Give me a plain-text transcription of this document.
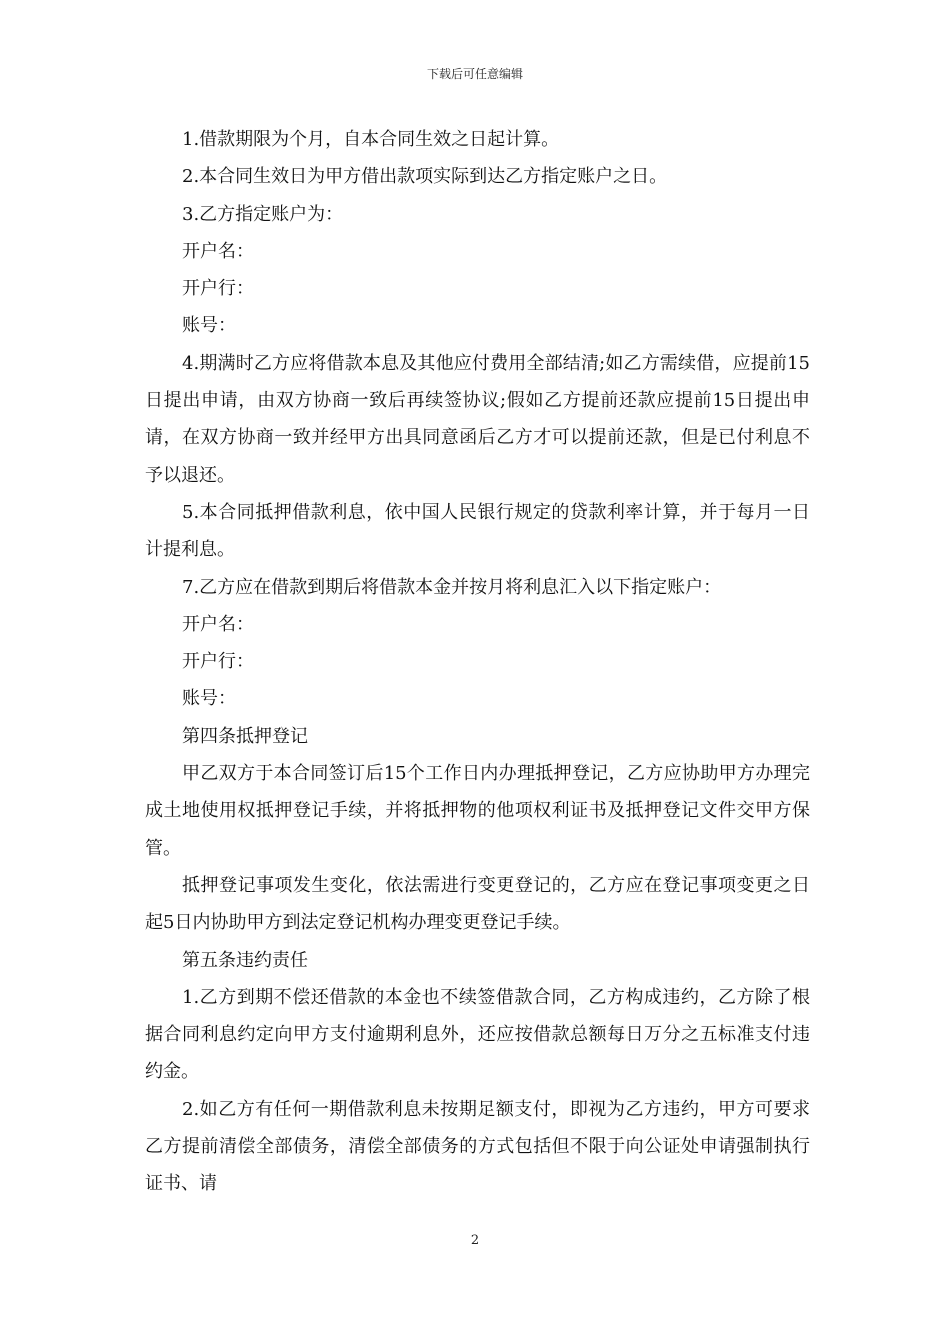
下载后可任意编辑

1.借款期限为个月，自本合同生效之日起计算。

2.本合同生效日为甲方借出款项实际到达乙方指定账户之日。

3.乙方指定账户为：

开户名：

开户行：

账号：

4.期满时乙方应将借款本息及其他应付费用全部结清;如乙方需续借，应提前15日提出申请，由双方协商一致后再续签协议;假如乙方提前还款应提前15日提出申请，在双方协商一致并经甲方出具同意函后乙方才可以提前还款，但是已付利息不予以退还。

5.本合同抵押借款利息，依中国人民银行规定的贷款利率计算，并于每月一日计提利息。

7.乙方应在借款到期后将借款本金并按月将利息汇入以下指定账户：

开户名：

开户行：

账号：

第四条抵押登记

甲乙双方于本合同签订后15个工作日内办理抵押登记，乙方应协助甲方办理完成土地使用权抵押登记手续，并将抵押物的他项权利证书及抵押登记文件交甲方保管。

抵押登记事项发生变化，依法需进行变更登记的，乙方应在登记事项变更之日起5日内协助甲方到法定登记机构办理变更登记手续。

第五条违约责任

1.乙方到期不偿还借款的本金也不续签借款合同，乙方构成违约，乙方除了根据合同利息约定向甲方支付逾期利息外，还应按借款总额每日万分之五标准支付违约金。

2.如乙方有任何一期借款利息未按期足额支付，即视为乙方违约，甲方可要求乙方提前清偿全部债务，清偿全部债务的方式包括但不限于向公证处申请强制执行证书、请

2
